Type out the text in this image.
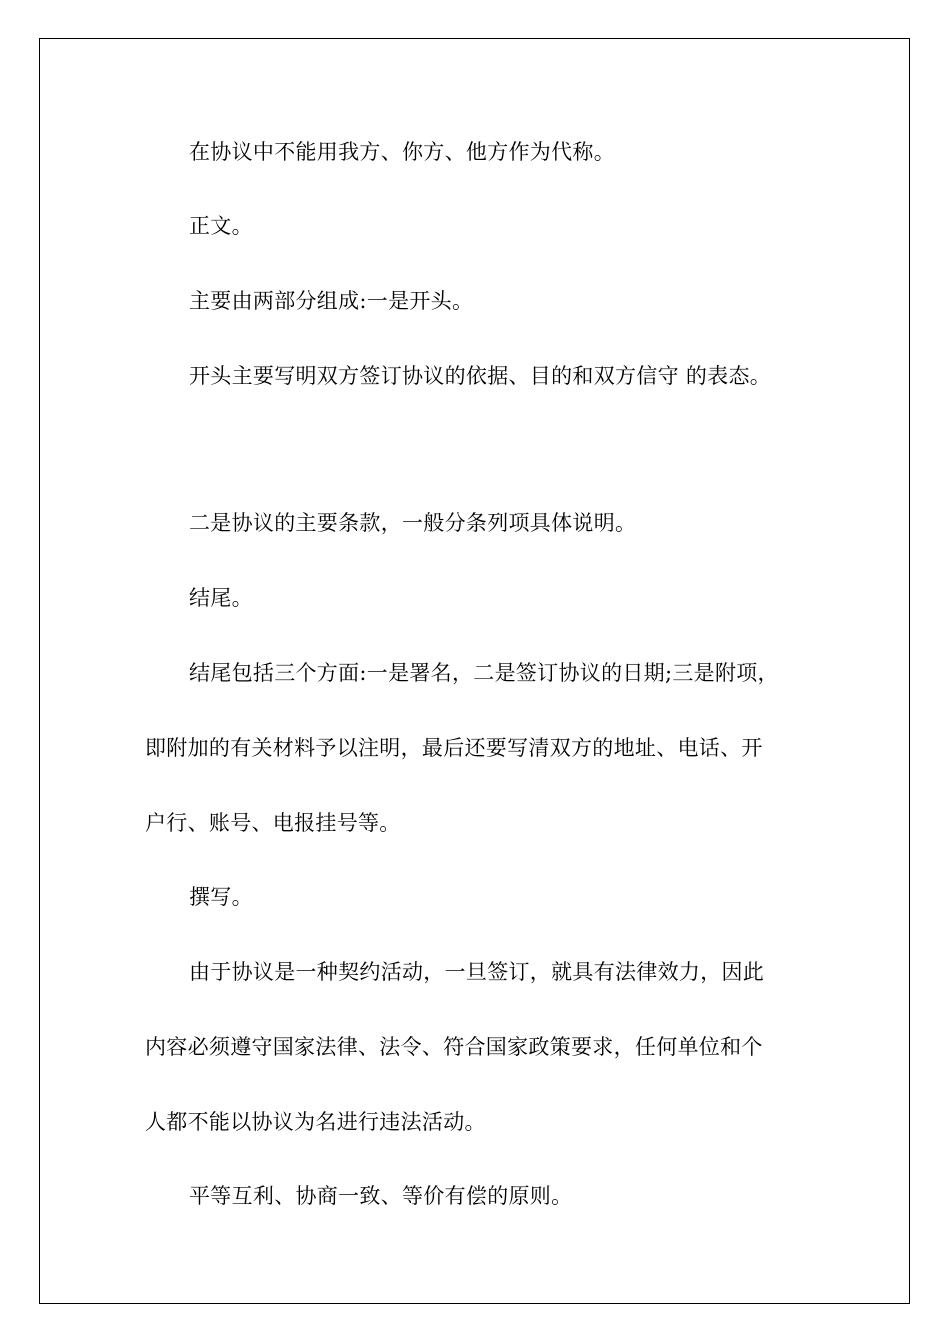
在协议中不能用我方、你方、他方作为代称。
正文。
主要由两部分组成:一是开头。
开头主要写明双方签订协议的依据、目的和双方信守 的表态。
二是协议的主要条款，一般分条列项具体说明。
结尾。
结尾包括三个方面:一是署名，二是签订协议的日期;三是附项，
即附加的有关材料予以注明，最后还要写清双方的地址、电话、开
户行、账号、电报挂号等。
撰写。
由于协议是一种契约活动，一旦签订，就具有法律效力，因此
内容必须遵守国家法律、法令、符合国家政策要求，任何单位和个
人都不能以协议为名进行违法活动。
平等互利、协商一致、等价有偿的原则。
